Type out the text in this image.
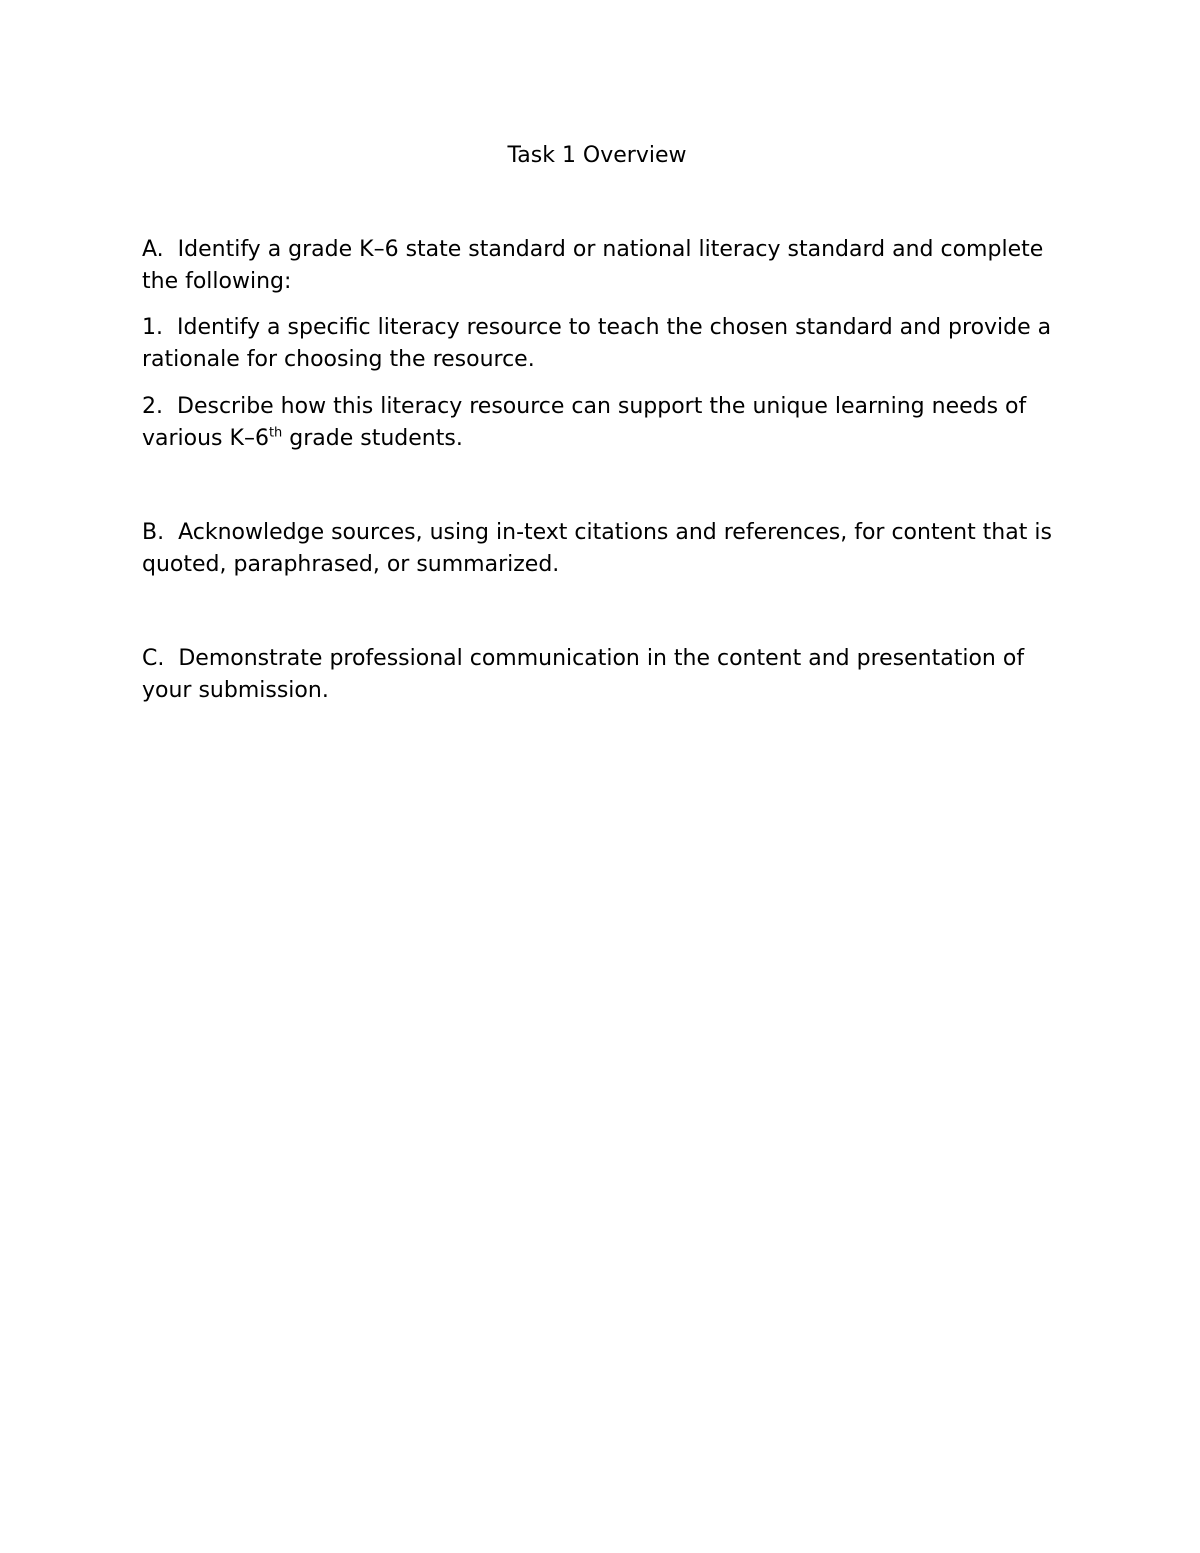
Task 1 Overview

A. Identify a grade K–6 state standard or national literacy standard and complete the following:

1. Identify a specific literacy resource to teach the chosen standard and provide a rationale for choosing the resource.

2. Describe how this literacy resource can support the unique learning needs of various K–6th grade students.

B. Acknowledge sources, using in-text citations and references, for content that is quoted, paraphrased, or summarized.

C. Demonstrate professional communication in the content and presentation of your submission.
